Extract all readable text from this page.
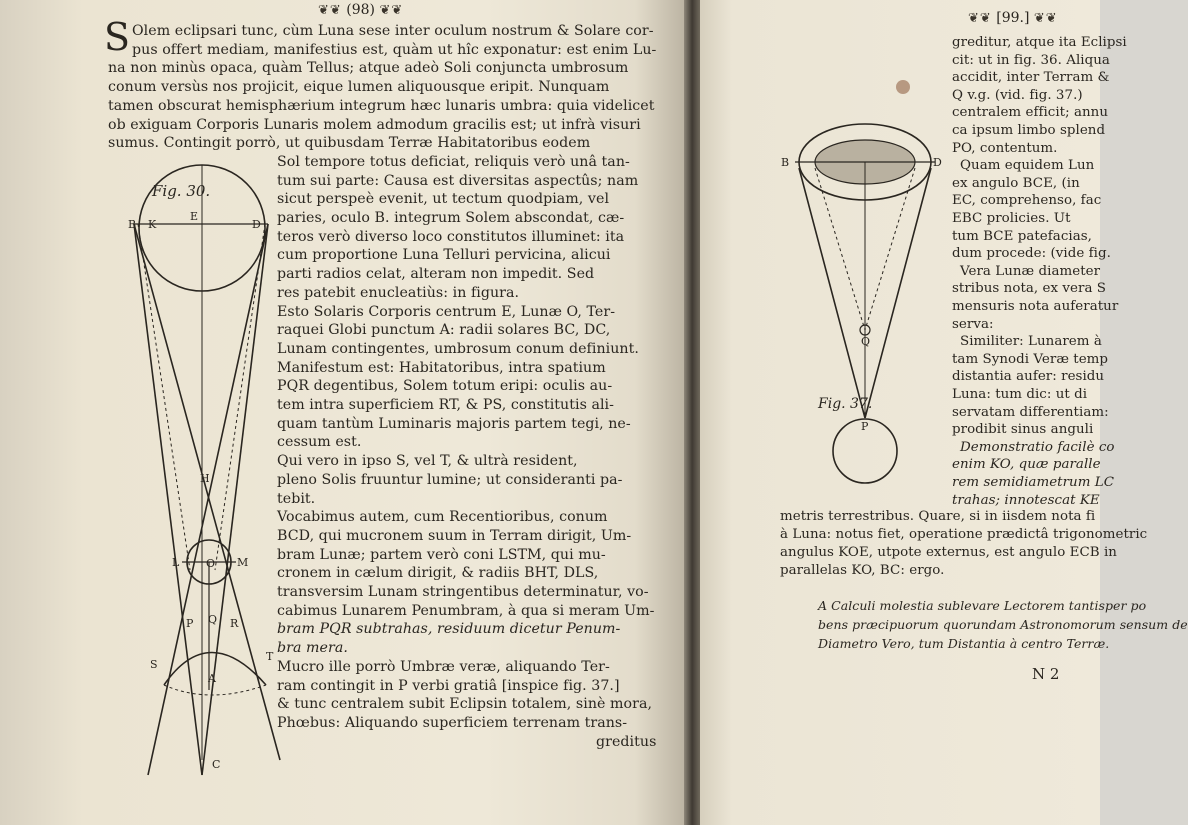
❦❦ (98) ❦❦
S Olem eclipsari tunc, cùm Luna sese inter oculum nostrum & Solare cor-
pus offert mediam, manifestius est, quàm ut hîc exponatur: est enim Lu-
na non minùs opaca, quàm Tellus; atque adeò Soli conjuncta umbrosum
conum versùs nos projicit, eique lumen aliquousque eripit. Nunquam
tamen obscurat hemisphærium integrum hæc lunaris umbra: quia videlicet
ob exiguam Corporis Lunaris molem admodum gracilis est; ut infrà visuri
sumus. Contingit porrò, ut quibusdam Terræ Habitatoribus eodem
Sol tempore totus deficiat, reliquis verò unâ tan-
tum sui parte: Causa est diversitas aspectûs; nam
sicut perspeè evenit, ut tectum quodpiam, vel
paries, oculo B. integrum Solem abscondat, cæ-
teros verò diverso loco constitutos illuminet: ita
cum proportione Luna Telluri pervicina, alicui
parti radios celat, alteram non impedit. Sed
res patebit enucleatiùs: in figura.
Esto Solaris Corporis centrum E, Lunæ O, Ter-
raquei Globi punctum A: radii solares BC, DC,
Lunam contingentes, umbrosum conum definiunt.
Manifestum est: Habitatoribus, intra spatium
PQR degentibus, Solem totum eripi: oculis au-
tem intra superficiem RT, & PS, constitutis ali-
quam tantùm Luminaris majoris partem tegi, ne-
cessum est.
Qui vero in ipso S, vel T, & ultrà resident,
pleno Solis fruuntur lumine; ut consideranti pa-
tebit.
Vocabimus autem, cum Recentioribus, conum
BCD, qui mucronem suum in Terram dirigit, Um-
bram Lunæ; partem verò coni LSTM, qui mu-
cronem in cælum dirigit, & radiis BHT, DLS,
transversim Lunam stringentibus determinatur, vo-
cabimus Lunarem Penumbram, à qua si meram Um-
bram PQR subtrahas, residuum dicetur Penum-
bra mera.
Mucro ille porrò Umbræ veræ, aliquando Ter-
ram contingit in P verbi gratiâ [inspice fig. 37.]
& tunc centralem subit Eclipsin totalem, sinè mora,
Phœbus: Aliquando superficiem terrenam trans-
greditus
Fig. 30.
B K
E
D
H
L O M
P Q R
S
A
T
C
❦❦ [99.] ❦❦
greditur, atque ita Eclipsi
cit: ut in fig. 36. Aliqua
accidit, inter Terram &
Q v.g. (vid. fig. 37.)
centralem efficit; annu
ca ipsum limbo splend
PO, contentum.
Quam equidem Lun
ex angulo BCE, (in
EC, comprehenso, fac
EBC prolicies. Ut
tum BCE patefacias,
dum procede: (vide fig.
Vera Lunæ diameter
stribus nota, ex vera S
mensuris nota auferatur
serva:
Similiter: Lunarem à
tam Synodi Veræ temp
distantia aufer: residu
Luna: tum dic: ut di
servatam differentiam:
prodibit sinus anguli
Demonstratio facilè co
enim KO, quæ paralle
rem semidiametrum LC
trahas; innotescat KE
metris terrestribus. Quare, si in iisdem nota fi
à Luna: notus fiet, operatione prædictâ trigonometric
angulus KOE, utpote externus, est angulo ECB in
parallelas KO, BC: ergo.
A Calculi molestia sublevare Lectorem tantisper po
bens præcipuorum quorundam Astronomorum sensum de
Diametro Vero, tum Distantia à centro Terræ.
Fig. 37.
B	D
Q
P
N 2
